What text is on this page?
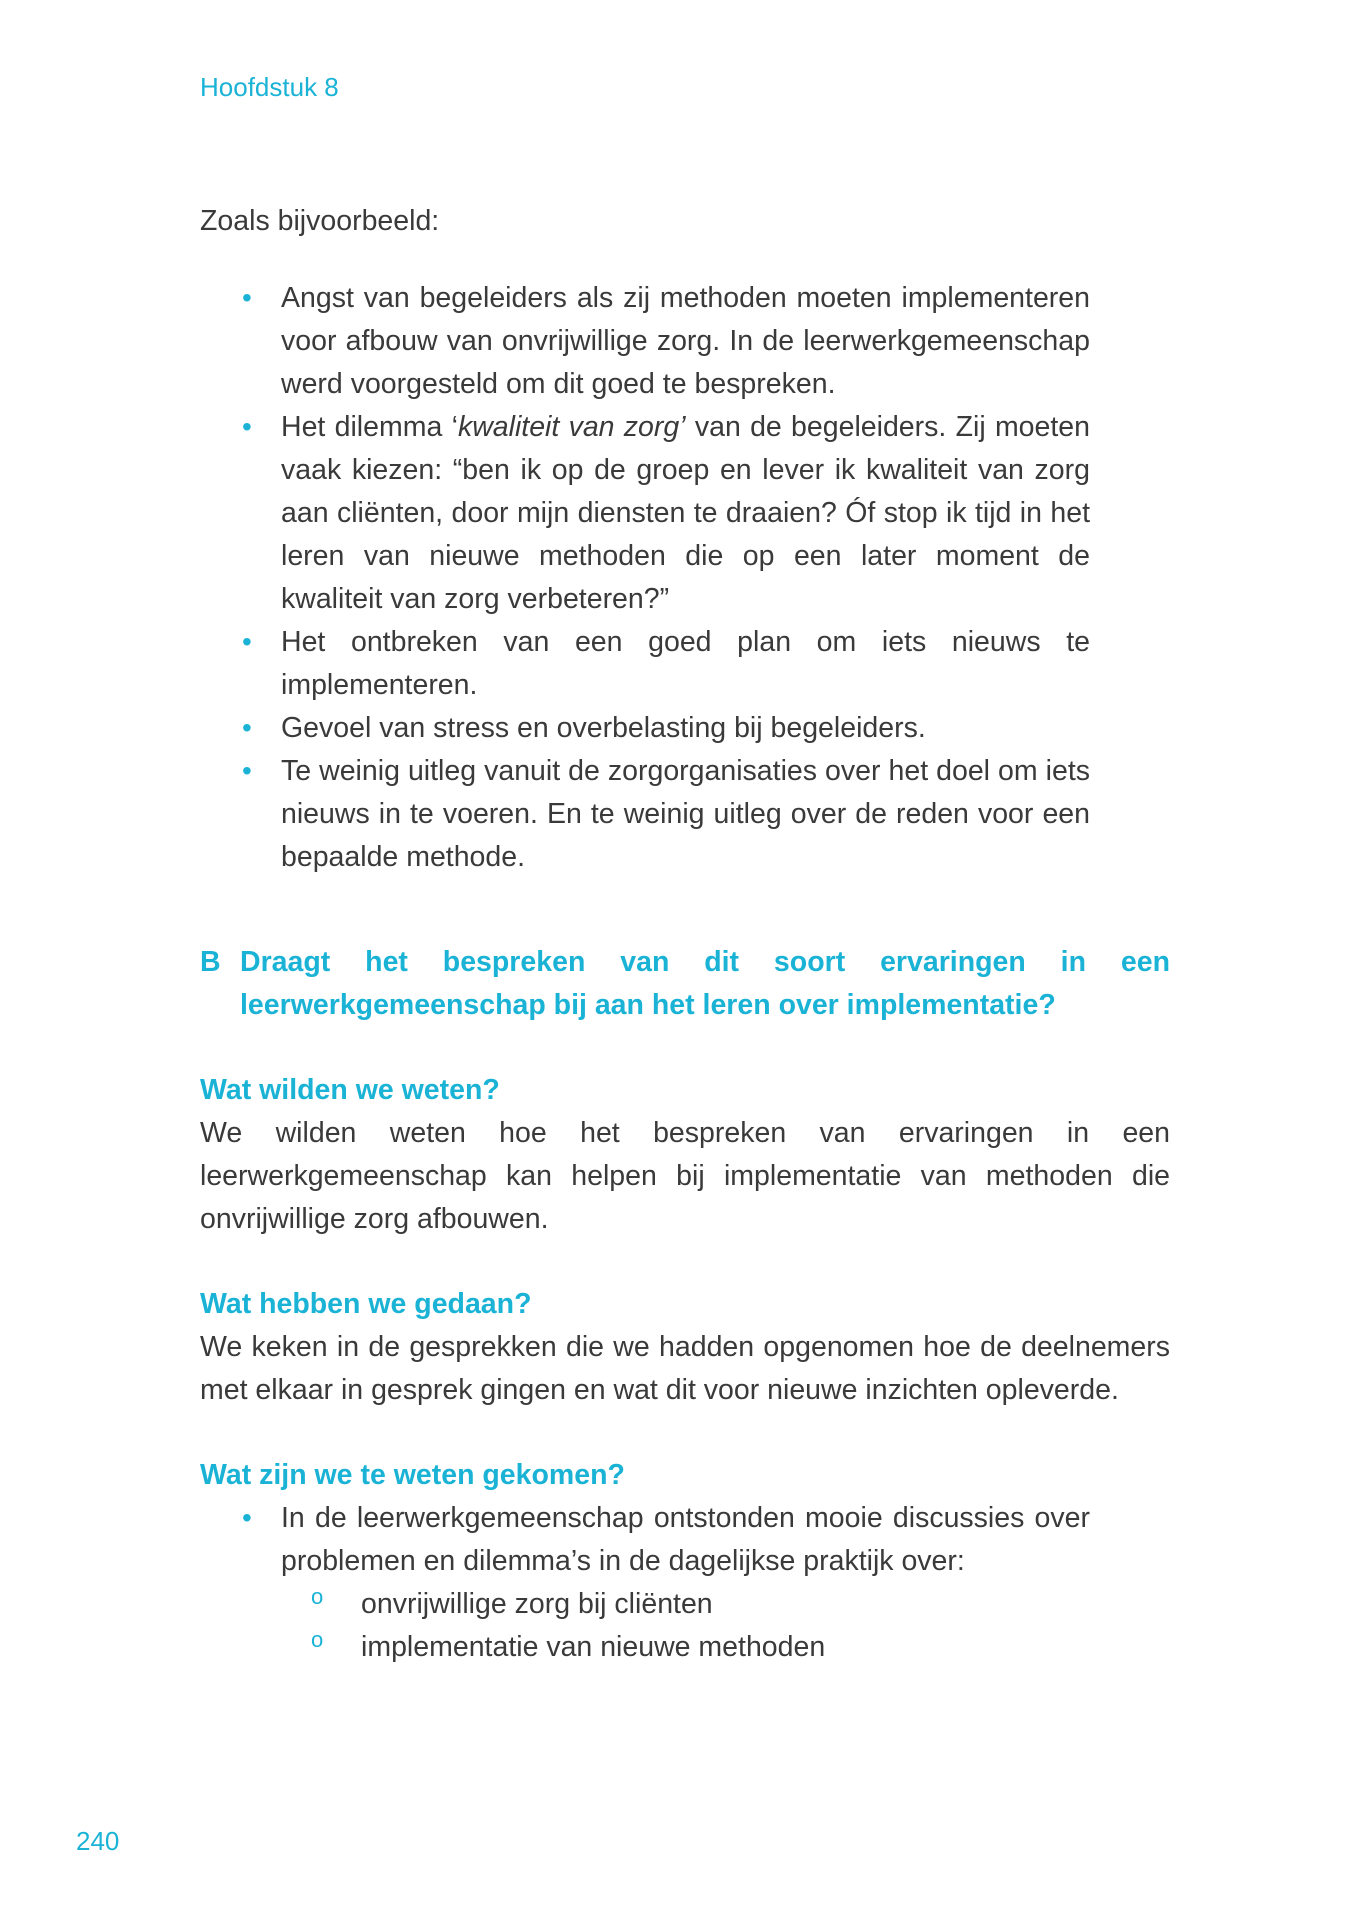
Hoofdstuk 8

Zoals bijvoorbeeld:

• Angst van begeleiders als zij methoden moeten implementeren voor afbouw van onvrijwillige zorg. In de leerwerkgemeenschap werd voorgesteld om dit goed te bespreken.
• Het dilemma ‘kwaliteit van zorg’ van de begeleiders. Zij moeten vaak kiezen: “ben ik op de groep en lever ik kwaliteit van zorg aan cliënten, door mijn diensten te draaien? Óf stop ik tijd in het leren van nieuwe methoden die op een later moment de kwaliteit van zorg verbeteren?”
• Het ontbreken van een goed plan om iets nieuws te implementeren.
• Gevoel van stress en overbelasting bij begeleiders.
• Te weinig uitleg vanuit de zorgorganisaties over het doel om iets nieuws in te voeren. En te weinig uitleg over de reden voor een bepaalde methode.
B Draagt het bespreken van dit soort ervaringen in een
leerwerkgemeenschap bij aan het leren over implementatie?
Wat wilden we weten?

We wilden weten hoe het bespreken van ervaringen in een leerwerkgemeenschap kan helpen bij implementatie van methoden die onvrijwillige zorg afbouwen.

Wat hebben we gedaan?

We keken in de gesprekken die we hadden opgenomen hoe de deelnemers met elkaar in gesprek gingen en wat dit voor nieuwe inzichten opleverde.

Wat zijn we te weten gekomen?
• In de leerwerkgemeenschap ontstonden mooie discussies over problemen en dilemma’s in de dagelijkse praktijk over:
o onvrijwillige zorg bij cliënten
o implementatie van nieuwe methoden
240
